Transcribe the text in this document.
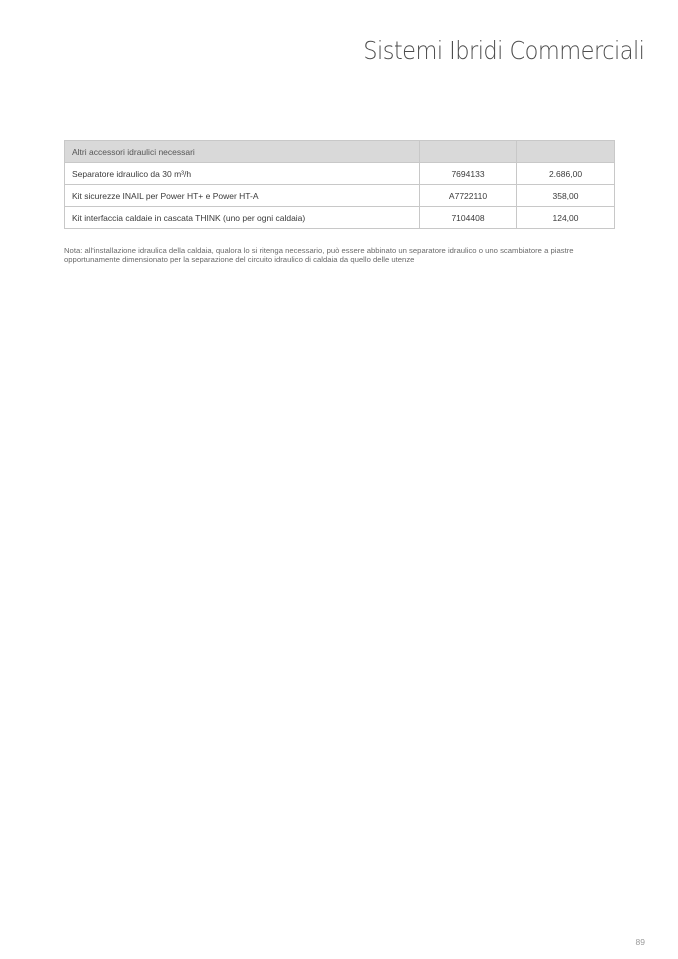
Sistemi Ibridi Commerciali
Altri accessori idraulici necessari		
Separatore idraulico da 30 m³/h	7694133	2.686,00
Kit sicurezze INAIL per Power HT+ e Power HT-A	A7722110	358,00
Kit interfaccia caldaie in cascata THINK (uno per ogni caldaia)	7104408	124,00
Nota: all'installazione idraulica della caldaia, qualora lo si ritenga necessario, può essere abbinato un separatore idraulico o uno scambiatore a piastre opportunamente dimensionato per la separazione del circuito idraulico di caldaia da quello delle utenze
89
